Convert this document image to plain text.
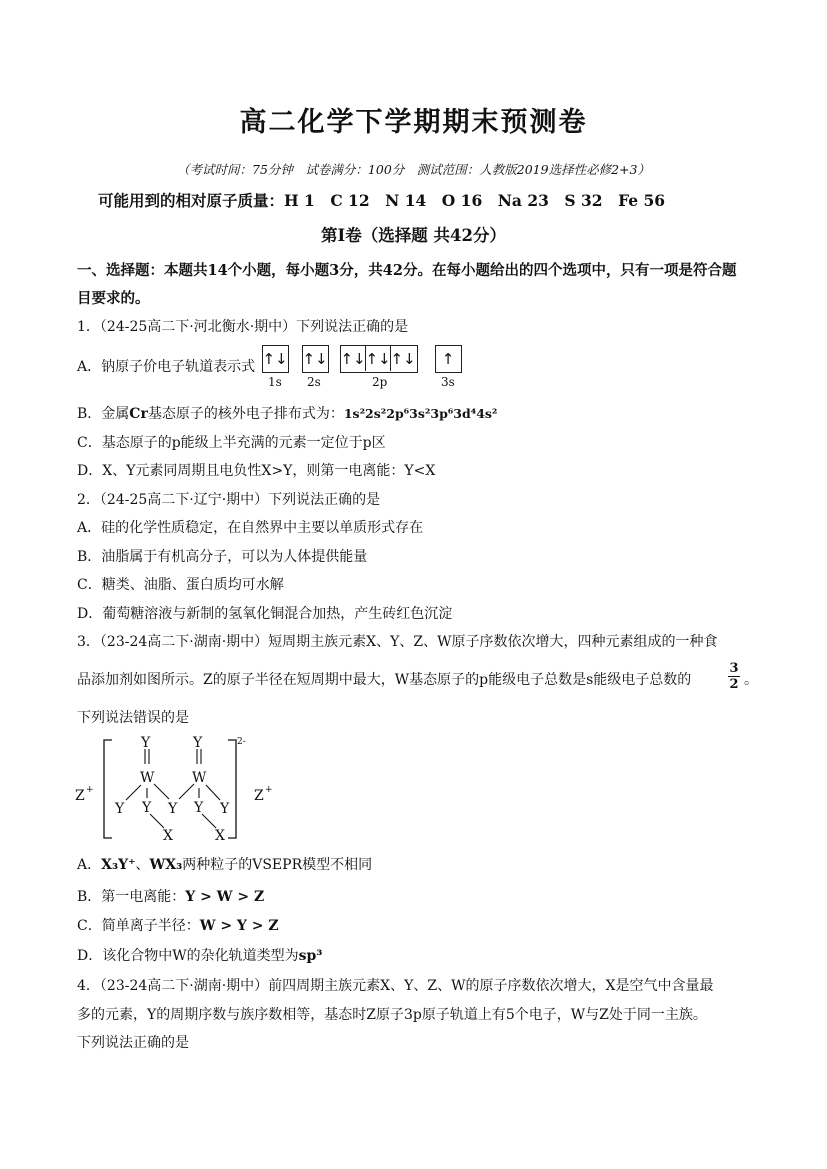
高二化学下学期期末预测卷
（考试时间：75分钟　试卷满分：100分　测试范围：人教版2019选择性必修2+3）
可能用到的相对原子质量：H 1　C 12　N 14　O 16　Na 23　S 32　Fe 56
第Ⅰ卷（选择题 共42分）
一、选择题：本题共14个小题，每小题3分，共42分。在每小题给出的四个选项中，只有一项是符合题
目要求的。
1．（24-25高二下·河北衡水·期中）下列说法正确的是
A．钠原子价电子轨道表示式 ↑↓ ↑↓ ↑↓ ↑↓ ↑↓	↑
1s 2s	2p	3s
B．金属Cr基态原子的核外电子排布式为：1s²2s²2p⁶3s²3p⁶3d⁴4s²
C．基态原子的p能级上半充满的元素一定位于p区
D．X、Y元素同周期且电负性X>Y，则第一电离能：Y<X
2．（24-25高二下·辽宁·期中）下列说法正确的是
A．硅的化学性质稳定，在自然界中主要以单质形式存在
B．油脂属于有机高分子，可以为人体提供能量
C．糖类、油脂、蛋白质均可水解
D．葡萄糖溶液与新制的氢氧化铜混合加热，产生砖红色沉淀
3．（23-24高二下·湖南·期中）短周期主族元素X、Y、Z、W原子序数依次增大，四种元素组成的一种食
品添加剂如图所示。Z的原子半径在短周期中最大，W基态原子的p能级电子总数是s能级电子总数的	$\frac{3}{2}$ 。
下列说法错误的是
Y	Y
W	W
Y Y Y Y Y
X	X
Z +	Z +
2-
A．X₃Y⁺、WX₃两种粒子的VSEPR模型不相同
B．第一电离能：Y > W > Z
C．简单离子半径：W > Y > Z
D．该化合物中W的杂化轨道类型为sp³
4．（23-24高二下·湖南·期中）前四周期主族元素X、Y、Z、W的原子序数依次增大，X是空气中含量最
多的元素，Y的周期序数与族序数相等，基态时Z原子3p原子轨道上有5个电子，W与Z处于同一主族。
下列说法正确的是
